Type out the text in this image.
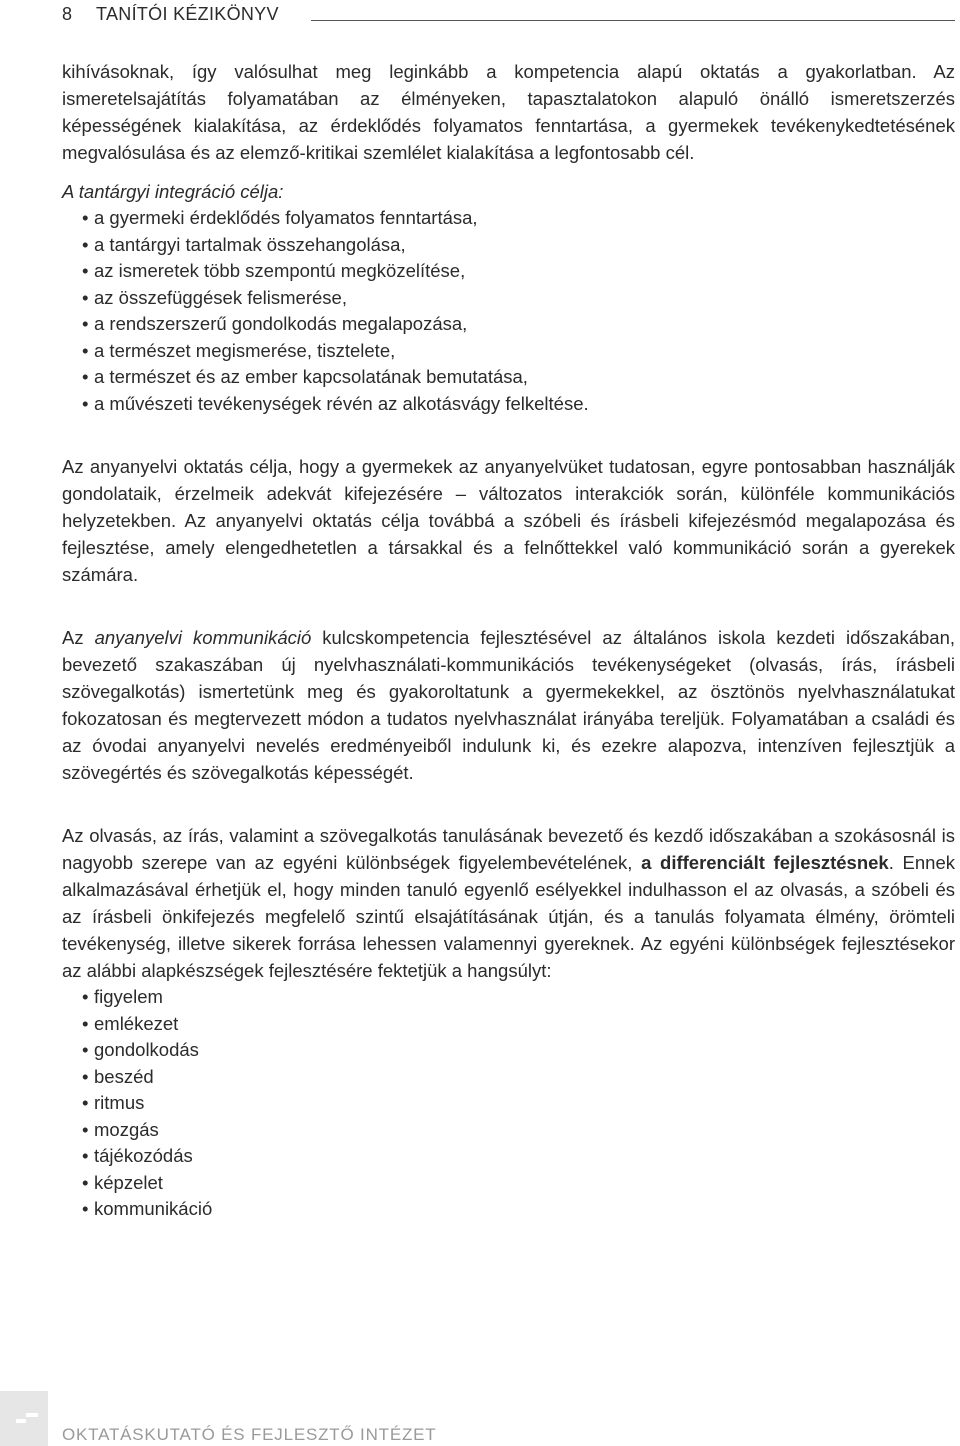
8	TANÍTÓI KÉZIKÖNYV

kihívásoknak, így valósulhat meg leginkább a kompetencia alapú oktatás a gyakorlatban. Az ismeretelsajátítás folyamatában az élményeken, tapasztalatokon alapuló önálló ismeretszerzés képességének kialakítása, az érdeklődés folyamatos fenntartása, a gyermekek tevékenykedtetésének megvalósulása és az elemző-kritikai szemlélet kialakítása a legfontosabb cél.

A tantárgyi integráció célja:

• a gyermeki érdeklődés folyamatos fenntartása,
• a tantárgyi tartalmak összehangolása,
• az ismeretek több szempontú megközelítése,
• az összefüggések felismerése,
• a rendszerszerű gondolkodás megalapozása,
• a természet megismerése, tisztelete,
• a természet és az ember kapcsolatának bemutatása,
• a művészeti tevékenységek révén az alkotásvágy felkeltése.

Az anyanyelvi oktatás célja, hogy a gyermekek az anyanyelvüket tudatosan, egyre pontosabban használják gondolataik, érzelmeik adekvát kifejezésére – változatos interakciók során, különféle kommunikációs helyzetekben. Az anyanyelvi oktatás célja továbbá a szóbeli és írásbeli kifejezésmód megalapozása és fejlesztése, amely elengedhetetlen a társakkal és a felnőttekkel való kommunikáció során a gyerekek számára.

Az anyanyelvi kommunikáció kulcskompetencia fejlesztésével az általános iskola kezdeti időszakában, bevezető szakaszában új nyelvhasználati-kommunikációs tevékenységeket (olvasás, írás, írásbeli szövegalkotás) ismertetünk meg és gyakoroltatunk a gyermekekkel, az ösztönös nyelvhasználatukat fokozatosan és megtervezett módon a tudatos nyelvhasználat irányába tereljük. Folyamatában a családi és az óvodai anyanyelvi nevelés eredményeiből indulunk ki, és ezekre alapozva, intenzíven fejlesztjük a szövegértés és szövegalkotás képességét.

Az olvasás, az írás, valamint a szövegalkotás tanulásának bevezető és kezdő időszakában a szokásosnál is nagyobb szerepe van az egyéni különbségek figyelembevételének, a differenciált fejlesztésnek. Ennek alkalmazásával érhetjük el, hogy minden tanuló egyenlő esélyekkel indulhasson el az olvasás, a szóbeli és az írásbeli önkifejezés megfelelő szintű elsajátításának útján, és a tanulás folyamata élmény, örömteli tevékenység, illetve sikerek forrása lehessen valamennyi gyereknek. Az egyéni különbségek fejlesztésekor az alábbi alapkészségek fejlesztésére fektetjük a hangsúlyt:

• figyelem
• emlékezet
• gondolkodás
• beszéd
• ritmus
• mozgás
• tájékozódás
• képzelet
• kommunikáció
OKTATÁSKUTATÓ ÉS FEJLESZTŐ INTÉZET
